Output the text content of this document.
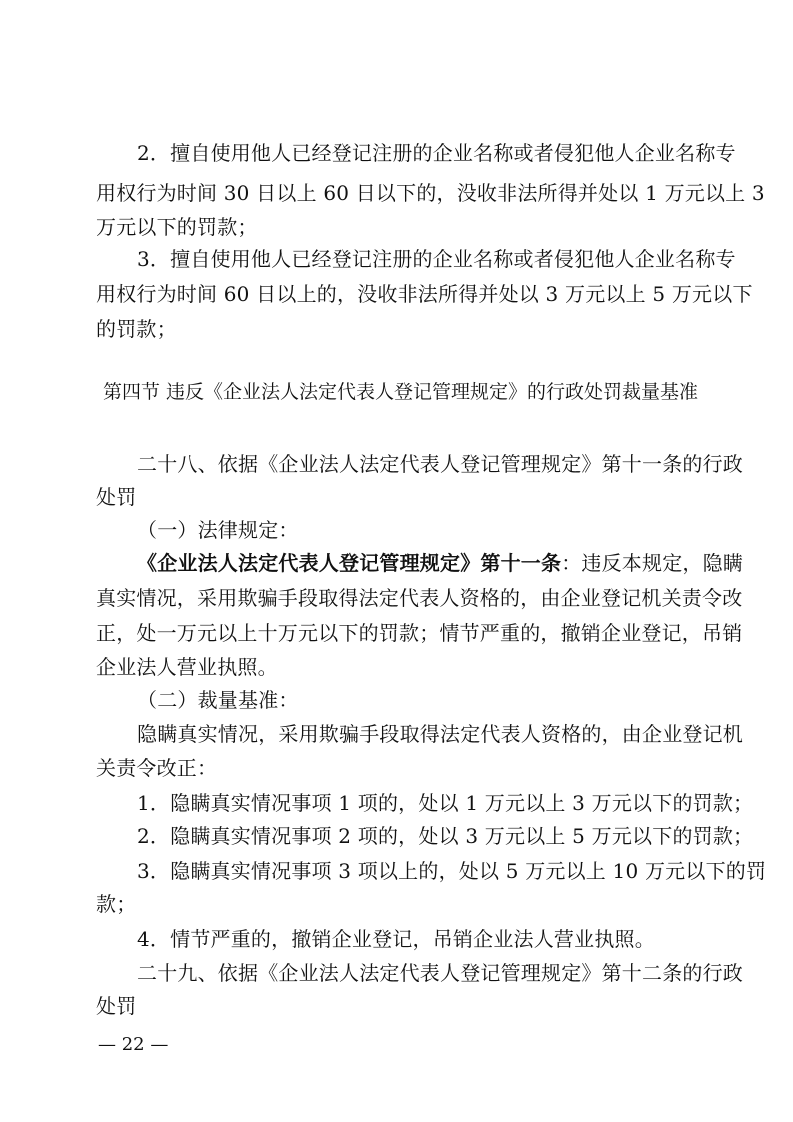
2．擅自使用他人已经登记注册的企业名称或者侵犯他人企业名称专
用权行为时间 30 日以上 60 日以下的，没收非法所得并处以 1 万元以上 3
万元以下的罚款；
3．擅自使用他人已经登记注册的企业名称或者侵犯他人企业名称专
用权行为时间 60 日以上的，没收非法所得并处以 3 万元以上 5 万元以下
的罚款；
第四节 违反《企业法人法定代表人登记管理规定》的行政处罚裁量基准
二十八、依据《企业法人法定代表人登记管理规定》第十一条的行政
处罚
（一）法律规定：
《企业法人法定代表人登记管理规定》第十一条：违反本规定，隐瞒
真实情况，采用欺骗手段取得法定代表人资格的，由企业登记机关责令改
正，处一万元以上十万元以下的罚款；情节严重的，撤销企业登记，吊销
企业法人营业执照。
（二）裁量基准：
隐瞒真实情况，采用欺骗手段取得法定代表人资格的，由企业登记机
关责令改正：
1．隐瞒真实情况事项 1 项的，处以 1 万元以上 3 万元以下的罚款；
2．隐瞒真实情况事项 2 项的，处以 3 万元以上 5 万元以下的罚款；
3．隐瞒真实情况事项 3 项以上的，处以 5 万元以上 10 万元以下的罚
款；
4．情节严重的，撤销企业登记，吊销企业法人营业执照。
二十九、依据《企业法人法定代表人登记管理规定》第十二条的行政
处罚
— 22 —
